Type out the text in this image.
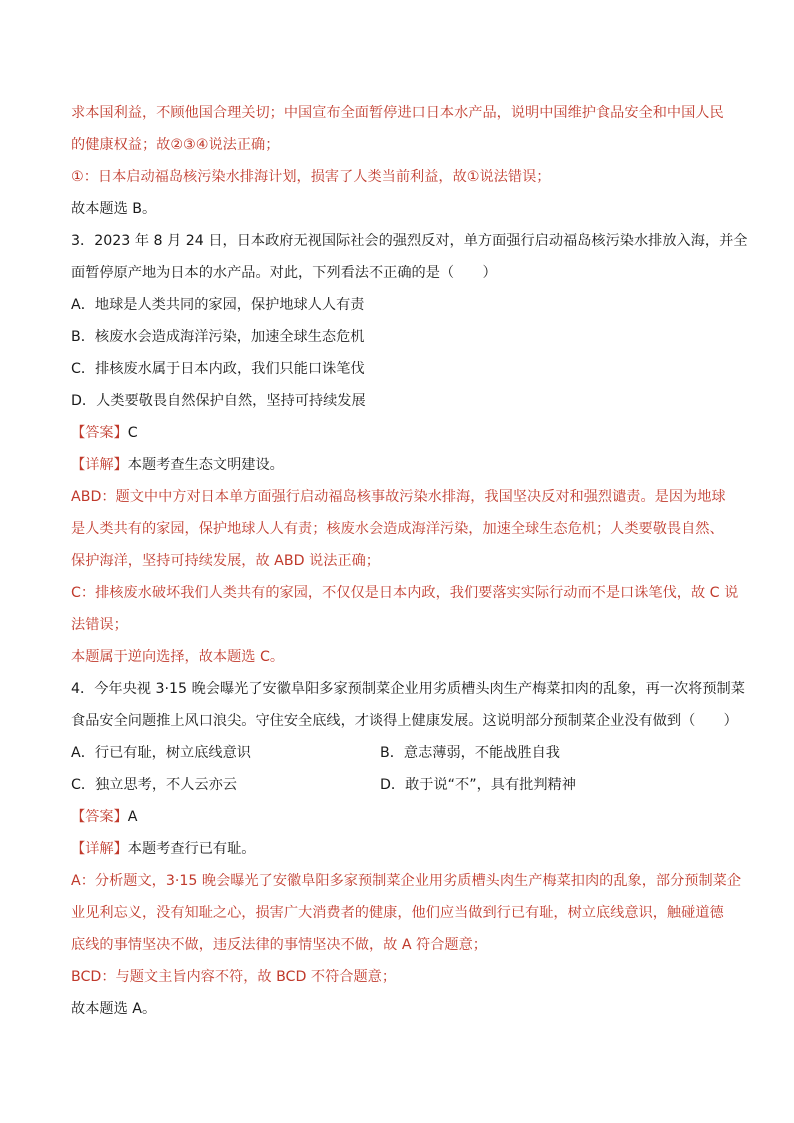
求本国利益，不顾他国合理关切；中国宣布全面暂停进口日本水产品，说明中国维护食品安全和中国人民
的健康权益；故②③④说法正确；
①：日本启动福岛核污染水排海计划，损害了人类当前利益，故①说法错误；
故本题选 B。
3．2023 年 8 月 24 日，日本政府无视国际社会的强烈反对，单方面强行启动福岛核污染水排放入海，并全
面暂停原产地为日本的水产品。对此，下列看法不正确的是（　　）
A．地球是人类共同的家园，保护地球人人有责
B．核废水会造成海洋污染，加速全球生态危机
C．排核废水属于日本内政，我们只能口诛笔伐
D．人类要敬畏自然保护自然，坚持可持续发展
【答案】C
【详解】本题考查生态文明建设。
ABD：题文中中方对日本单方面强行启动福岛核事故污染水排海，我国坚决反对和强烈谴责。是因为地球
是人类共有的家园，保护地球人人有责；核废水会造成海洋污染，加速全球生态危机；人类要敬畏自然、
保护海洋，坚持可持续发展，故 ABD 说法正确；
C：排核废水破坏我们人类共有的家园，不仅仅是日本内政，我们要落实实际行动而不是口诛笔伐，故 C 说
法错误；
本题属于逆向选择，故本题选 C。
4．今年央视 3·15 晚会曝光了安徽阜阳多家预制菜企业用劣质槽头肉生产梅菜扣肉的乱象，再一次将预制菜
食品安全问题推上风口浪尖。守住安全底线，才谈得上健康发展。这说明部分预制菜企业没有做到（　　）
A．行已有耻，树立底线意识	B．意志薄弱，不能战胜自我
C．独立思考，不人云亦云	D．敢于说“不”，具有批判精神
【答案】A
【详解】本题考查行已有耻。
A：分析题文，3·15 晚会曝光了安徽阜阳多家预制菜企业用劣质槽头肉生产梅菜扣肉的乱象，部分预制菜企
业见利忘义，没有知耻之心，损害广大消费者的健康，他们应当做到行已有耻，树立底线意识，触碰道德
底线的事情坚决不做，违反法律的事情坚决不做，故 A 符合题意；
BCD：与题文主旨内容不符，故 BCD 不符合题意；
故本题选 A。
